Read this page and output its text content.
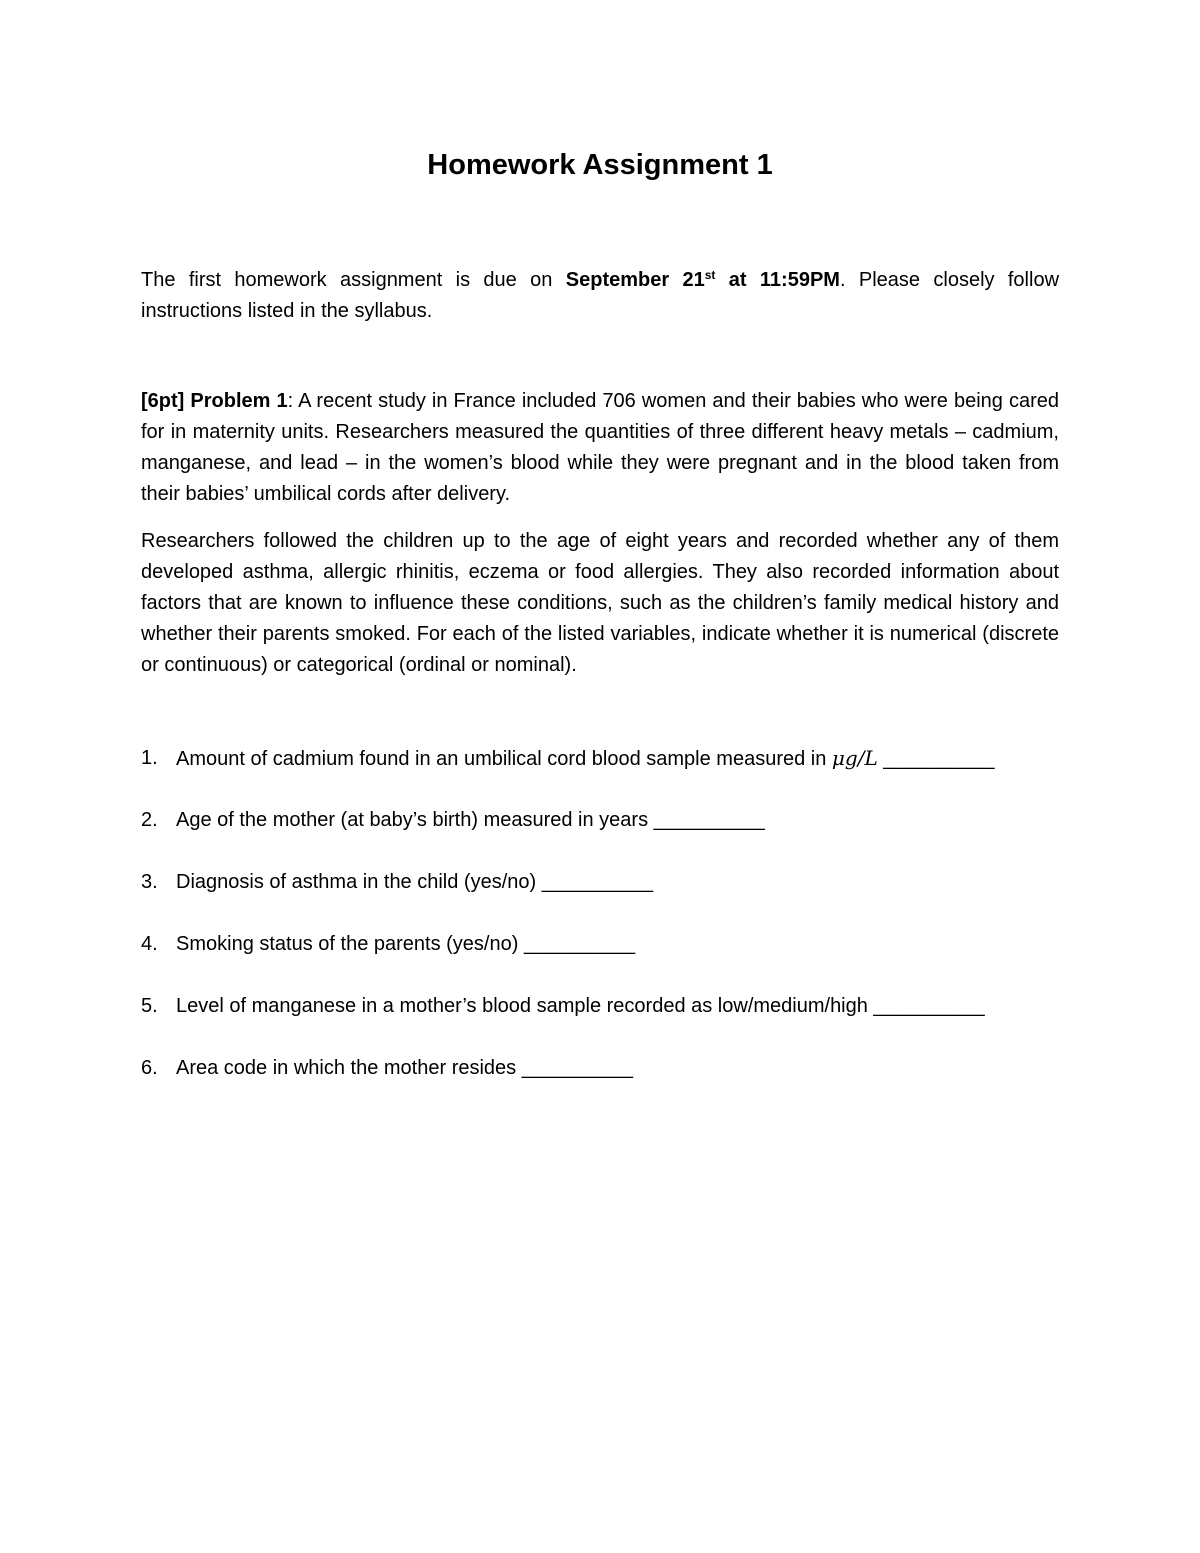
Homework Assignment 1

The first homework assignment is due on September 21st at 11:59PM. Please closely follow instructions listed in the syllabus.

[6pt] Problem 1: A recent study in France included 706 women and their babies who were being cared for in maternity units. Researchers measured the quantities of three different heavy metals – cadmium, manganese, and lead – in the women’s blood while they were pregnant and in the blood taken from their babies’ umbilical cords after delivery.

Researchers followed the children up to the age of eight years and recorded whether any of them developed asthma, allergic rhinitis, eczema or food allergies. They also recorded information about factors that are known to influence these conditions, such as the children’s family medical history and whether their parents smoked. For each of the listed variables, indicate whether it is numerical (discrete or continuous) or categorical (ordinal or nominal).

1. Amount of cadmium found in an umbilical cord blood sample measured in μg/L __________
2. Age of the mother (at baby’s birth) measured in years __________
3. Diagnosis of asthma in the child (yes/no) __________
4. Smoking status of the parents (yes/no) __________
5. Level of manganese in a mother’s blood sample recorded as low/medium/high __________
6. Area code in which the mother resides __________
